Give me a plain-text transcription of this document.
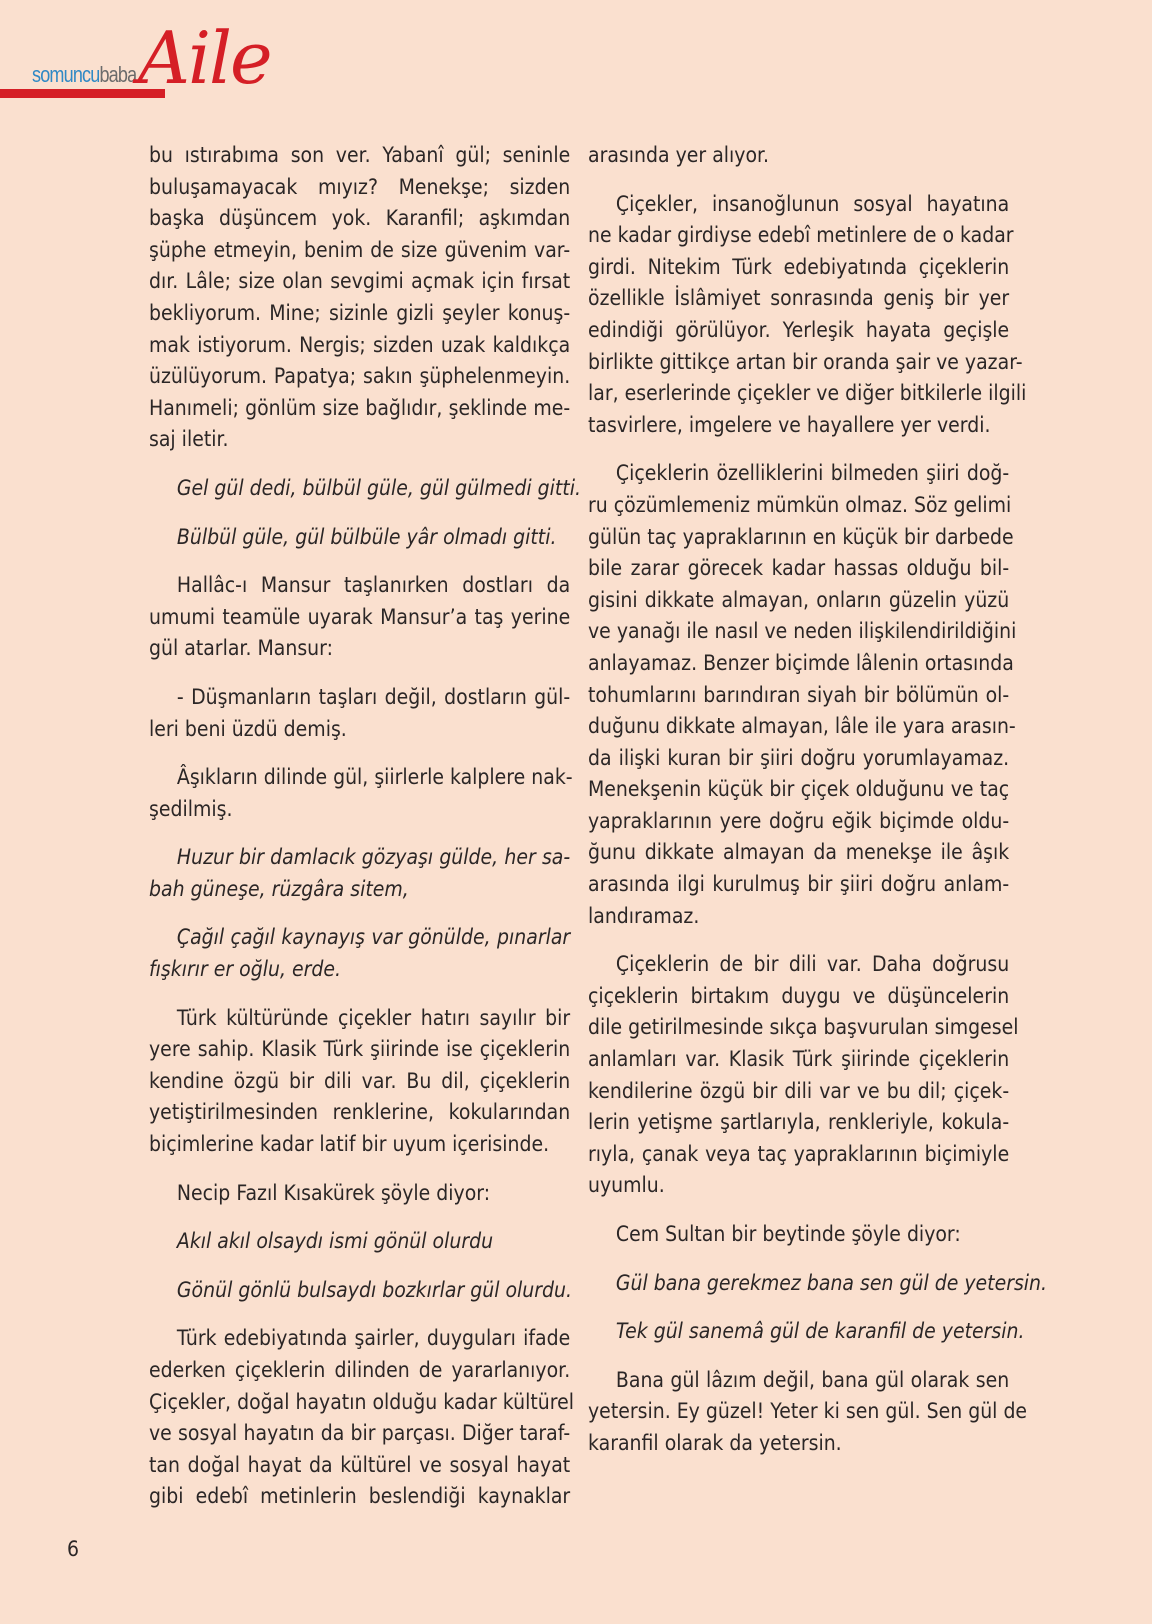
somuncubaba Aile

bu ıstırabıma son ver. Yabanî gül; seninle
buluşamayacak mıyız? Menekşe; sizden
başka düşüncem yok. Karanfil; aşkımdan
şüphe etmeyin, benim de size güvenim var-
dır. Lâle; size olan sevgimi açmak için fırsat
bekliyorum. Mine; sizinle gizli şeyler konuş-
mak istiyorum. Nergis; sizden uzak kaldıkça
üzülüyorum. Papatya; sakın şüphelenmeyin.
Hanımeli; gönlüm size bağlıdır, şeklinde me-
saj iletir.

Gel gül dedi, bülbül güle, gül gülmedi gitti.

Bülbül güle, gül bülbüle yâr olmadı gitti.

Hallâc-ı Mansur taşlanırken dostları da
umumi teamüle uyarak Mansur’a taş yerine
gül atarlar. Mansur:

- Düşmanların taşları değil, dostların gül-
leri beni üzdü demiş.

Âşıkların dilinde gül, şiirlerle kalplere nak-
şedilmiş.

Huzur bir damlacık gözyaşı gülde, her sa-
bah güneşe, rüzgâra sitem,

Çağıl çağıl kaynayış var gönülde, pınarlar
fışkırır er oğlu, erde.

Türk kültüründe çiçekler hatırı sayılır bir
yere sahip. Klasik Türk şiirinde ise çiçeklerin
kendine özgü bir dili var. Bu dil, çiçeklerin
yetiştirilmesinden renklerine, kokularından
biçimlerine kadar latif bir uyum içerisinde.

Necip Fazıl Kısakürek şöyle diyor:

Akıl akıl olsaydı ismi gönül olurdu

Gönül gönlü bulsaydı bozkırlar gül olurdu.

Türk edebiyatında şairler, duyguları ifade
ederken çiçeklerin dilinden de yararlanıyor.
Çiçekler, doğal hayatın olduğu kadar kültürel
ve sosyal hayatın da bir parçası. Diğer taraf-
tan doğal hayat da kültürel ve sosyal hayat
gibi edebî metinlerin beslendiği kaynaklar

arasında yer alıyor.

Çiçekler, insanoğlunun sosyal hayatına
ne kadar girdiyse edebî metinlere de o kadar
girdi. Nitekim Türk edebiyatında çiçeklerin
özellikle İslâmiyet sonrasında geniş bir yer
edindiği görülüyor. Yerleşik hayata geçişle
birlikte gittikçe artan bir oranda şair ve yazar-
lar, eserlerinde çiçekler ve diğer bitkilerle ilgili
tasvirlere, imgelere ve hayallere yer verdi.

Çiçeklerin özelliklerini bilmeden şiiri doğ-
ru çözümlemeniz mümkün olmaz. Söz gelimi
gülün taç yapraklarının en küçük bir darbede
bile zarar görecek kadar hassas olduğu bil-
gisini dikkate almayan, onların güzelin yüzü
ve yanağı ile nasıl ve neden ilişkilendirildiğini
anlayamaz. Benzer biçimde lâlenin ortasında
tohumlarını barındıran siyah bir bölümün ol-
duğunu dikkate almayan, lâle ile yara arasın-
da ilişki kuran bir şiiri doğru yorumlayamaz.
Menekşenin küçük bir çiçek olduğunu ve taç
yapraklarının yere doğru eğik biçimde oldu-
ğunu dikkate almayan da menekşe ile âşık
arasında ilgi kurulmuş bir şiiri doğru anlam-
landıramaz.

Çiçeklerin de bir dili var. Daha doğrusu
çiçeklerin birtakım duygu ve düşüncelerin
dile getirilmesinde sıkça başvurulan simgesel
anlamları var. Klasik Türk şiirinde çiçeklerin
kendilerine özgü bir dili var ve bu dil; çiçek-
lerin yetişme şartlarıyla, renkleriyle, kokula-
rıyla, çanak veya taç yapraklarının biçimiyle
uyumlu.

Cem Sultan bir beytinde şöyle diyor:

Gül bana gerekmez bana sen gül de yetersin.

Tek gül sanemâ gül de karanfil de yetersin.

Bana gül lâzım değil, bana gül olarak sen
yetersin. Ey güzel! Yeter ki sen gül. Sen gül de
karanfil olarak da yetersin.

6
